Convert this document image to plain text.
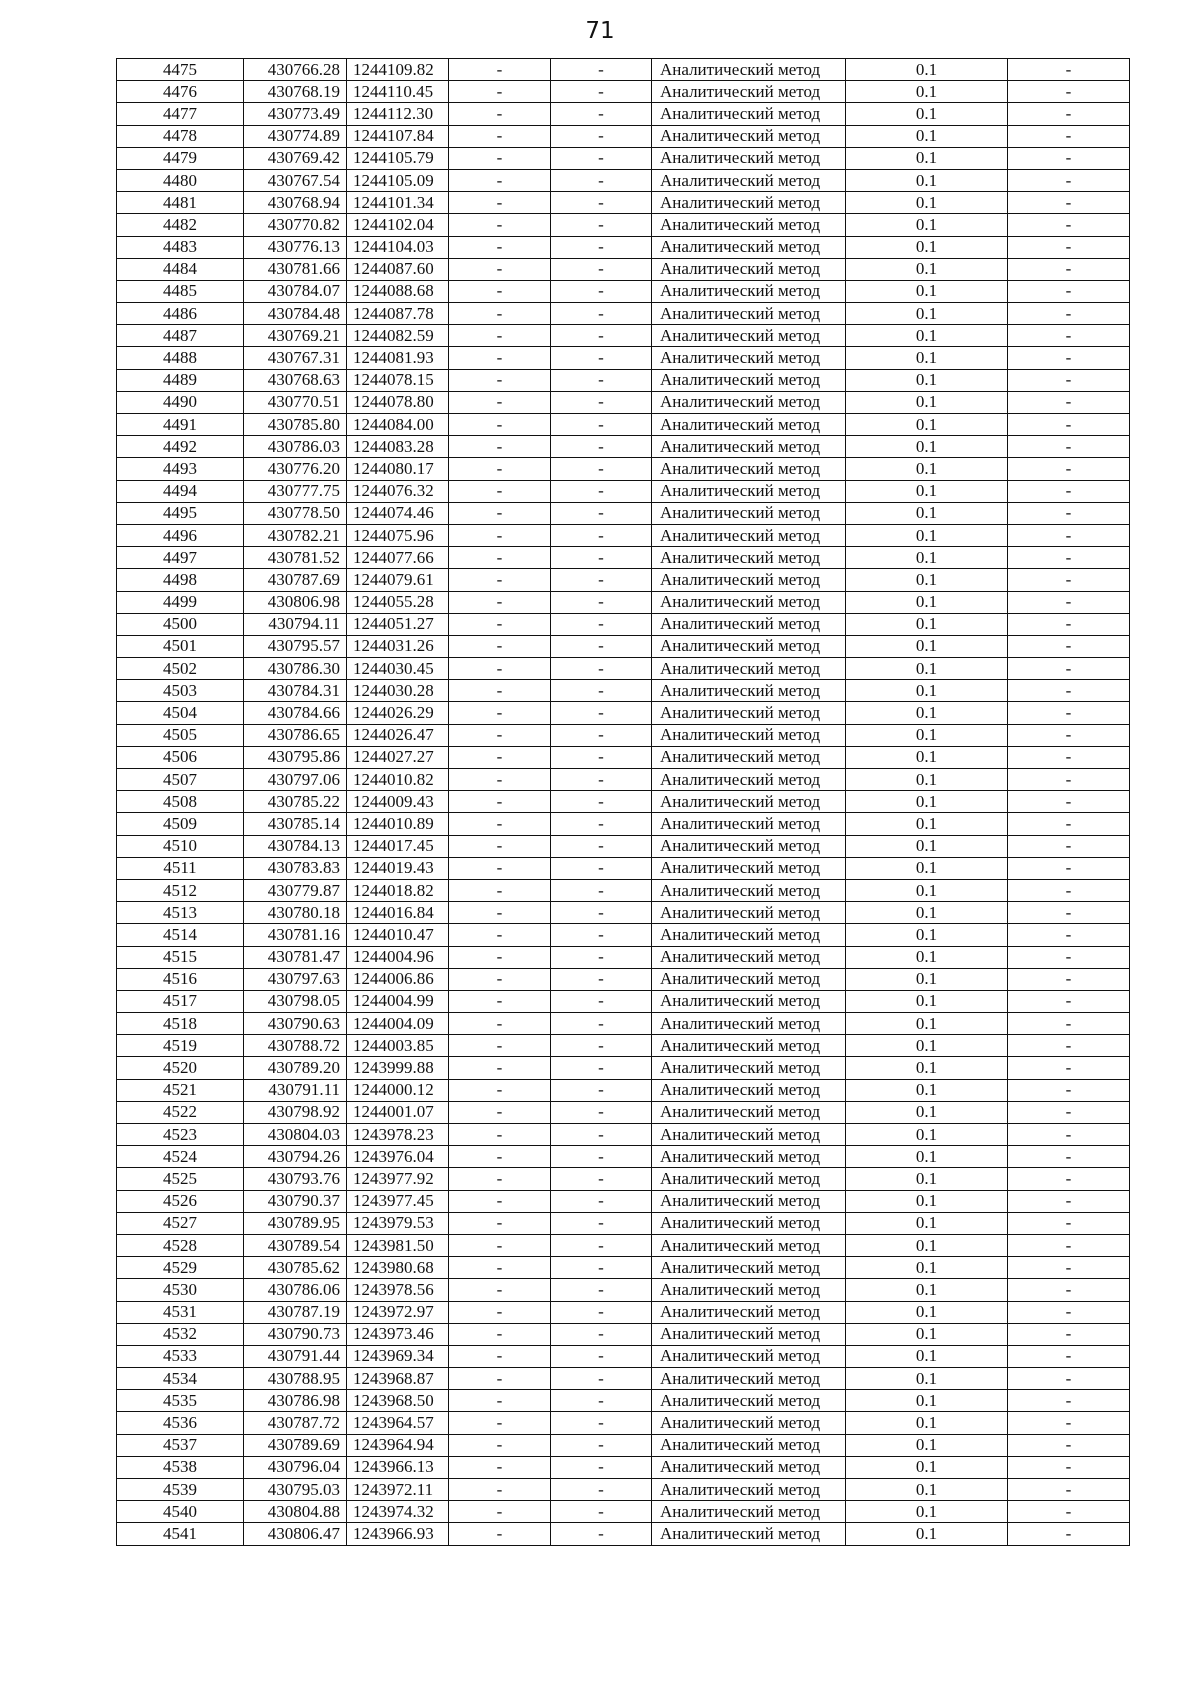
71
4475	430766.28	1244109.82	-	-	Аналитический метод	0.1	-
4476	430768.19	1244110.45	-	-	Аналитический метод	0.1	-
4477	430773.49	1244112.30	-	-	Аналитический метод	0.1	-
4478	430774.89	1244107.84	-	-	Аналитический метод	0.1	-
4479	430769.42	1244105.79	-	-	Аналитический метод	0.1	-
4480	430767.54	1244105.09	-	-	Аналитический метод	0.1	-
4481	430768.94	1244101.34	-	-	Аналитический метод	0.1	-
4482	430770.82	1244102.04	-	-	Аналитический метод	0.1	-
4483	430776.13	1244104.03	-	-	Аналитический метод	0.1	-
4484	430781.66	1244087.60	-	-	Аналитический метод	0.1	-
4485	430784.07	1244088.68	-	-	Аналитический метод	0.1	-
4486	430784.48	1244087.78	-	-	Аналитический метод	0.1	-
4487	430769.21	1244082.59	-	-	Аналитический метод	0.1	-
4488	430767.31	1244081.93	-	-	Аналитический метод	0.1	-
4489	430768.63	1244078.15	-	-	Аналитический метод	0.1	-
4490	430770.51	1244078.80	-	-	Аналитический метод	0.1	-
4491	430785.80	1244084.00	-	-	Аналитический метод	0.1	-
4492	430786.03	1244083.28	-	-	Аналитический метод	0.1	-
4493	430776.20	1244080.17	-	-	Аналитический метод	0.1	-
4494	430777.75	1244076.32	-	-	Аналитический метод	0.1	-
4495	430778.50	1244074.46	-	-	Аналитический метод	0.1	-
4496	430782.21	1244075.96	-	-	Аналитический метод	0.1	-
4497	430781.52	1244077.66	-	-	Аналитический метод	0.1	-
4498	430787.69	1244079.61	-	-	Аналитический метод	0.1	-
4499	430806.98	1244055.28	-	-	Аналитический метод	0.1	-
4500	430794.11	1244051.27	-	-	Аналитический метод	0.1	-
4501	430795.57	1244031.26	-	-	Аналитический метод	0.1	-
4502	430786.30	1244030.45	-	-	Аналитический метод	0.1	-
4503	430784.31	1244030.28	-	-	Аналитический метод	0.1	-
4504	430784.66	1244026.29	-	-	Аналитический метод	0.1	-
4505	430786.65	1244026.47	-	-	Аналитический метод	0.1	-
4506	430795.86	1244027.27	-	-	Аналитический метод	0.1	-
4507	430797.06	1244010.82	-	-	Аналитический метод	0.1	-
4508	430785.22	1244009.43	-	-	Аналитический метод	0.1	-
4509	430785.14	1244010.89	-	-	Аналитический метод	0.1	-
4510	430784.13	1244017.45	-	-	Аналитический метод	0.1	-
4511	430783.83	1244019.43	-	-	Аналитический метод	0.1	-
4512	430779.87	1244018.82	-	-	Аналитический метод	0.1	-
4513	430780.18	1244016.84	-	-	Аналитический метод	0.1	-
4514	430781.16	1244010.47	-	-	Аналитический метод	0.1	-
4515	430781.47	1244004.96	-	-	Аналитический метод	0.1	-
4516	430797.63	1244006.86	-	-	Аналитический метод	0.1	-
4517	430798.05	1244004.99	-	-	Аналитический метод	0.1	-
4518	430790.63	1244004.09	-	-	Аналитический метод	0.1	-
4519	430788.72	1244003.85	-	-	Аналитический метод	0.1	-
4520	430789.20	1243999.88	-	-	Аналитический метод	0.1	-
4521	430791.11	1244000.12	-	-	Аналитический метод	0.1	-
4522	430798.92	1244001.07	-	-	Аналитический метод	0.1	-
4523	430804.03	1243978.23	-	-	Аналитический метод	0.1	-
4524	430794.26	1243976.04	-	-	Аналитический метод	0.1	-
4525	430793.76	1243977.92	-	-	Аналитический метод	0.1	-
4526	430790.37	1243977.45	-	-	Аналитический метод	0.1	-
4527	430789.95	1243979.53	-	-	Аналитический метод	0.1	-
4528	430789.54	1243981.50	-	-	Аналитический метод	0.1	-
4529	430785.62	1243980.68	-	-	Аналитический метод	0.1	-
4530	430786.06	1243978.56	-	-	Аналитический метод	0.1	-
4531	430787.19	1243972.97	-	-	Аналитический метод	0.1	-
4532	430790.73	1243973.46	-	-	Аналитический метод	0.1	-
4533	430791.44	1243969.34	-	-	Аналитический метод	0.1	-
4534	430788.95	1243968.87	-	-	Аналитический метод	0.1	-
4535	430786.98	1243968.50	-	-	Аналитический метод	0.1	-
4536	430787.72	1243964.57	-	-	Аналитический метод	0.1	-
4537	430789.69	1243964.94	-	-	Аналитический метод	0.1	-
4538	430796.04	1243966.13	-	-	Аналитический метод	0.1	-
4539	430795.03	1243972.11	-	-	Аналитический метод	0.1	-
4540	430804.88	1243974.32	-	-	Аналитический метод	0.1	-
4541	430806.47	1243966.93	-	-	Аналитический метод	0.1	-
